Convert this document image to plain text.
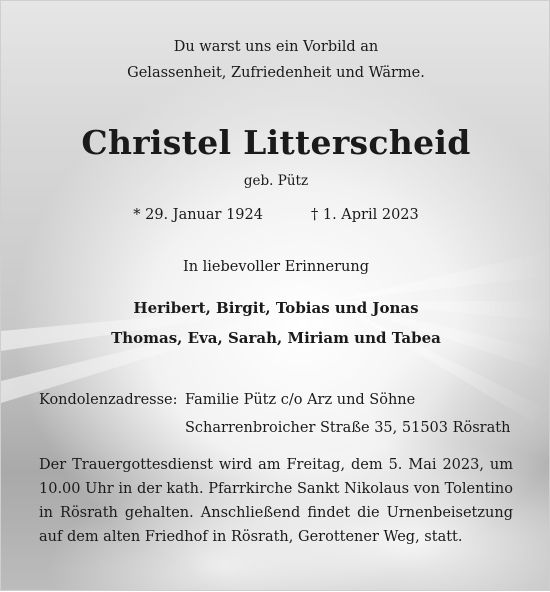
Du warst uns ein Vorbild an
Gelassenheit, Zufriedenheit und Wärme.
Christel Litterscheid
geb. Pütz
* 29. Januar 1924	† 1. April 2023
In liebevoller Erinnerung
Heribert, Birgit, Tobias und Jonas
Thomas, Eva, Sarah, Miriam und Tabea
Kondolenzadresse: Familie Pütz c/o Arz und Söhne
Scharrenbroicher Straße 35, 51503 Rösrath
Der Trauergottesdienst wird am Freitag, dem 5. Mai 2023, um 10.00 Uhr in der kath. Pfarrkirche Sankt Nikolaus von Tolentino in Rösrath gehalten. Anschließend findet die Urnenbeisetzung auf dem alten Friedhof in Rösrath, Gerottener Weg, statt.
